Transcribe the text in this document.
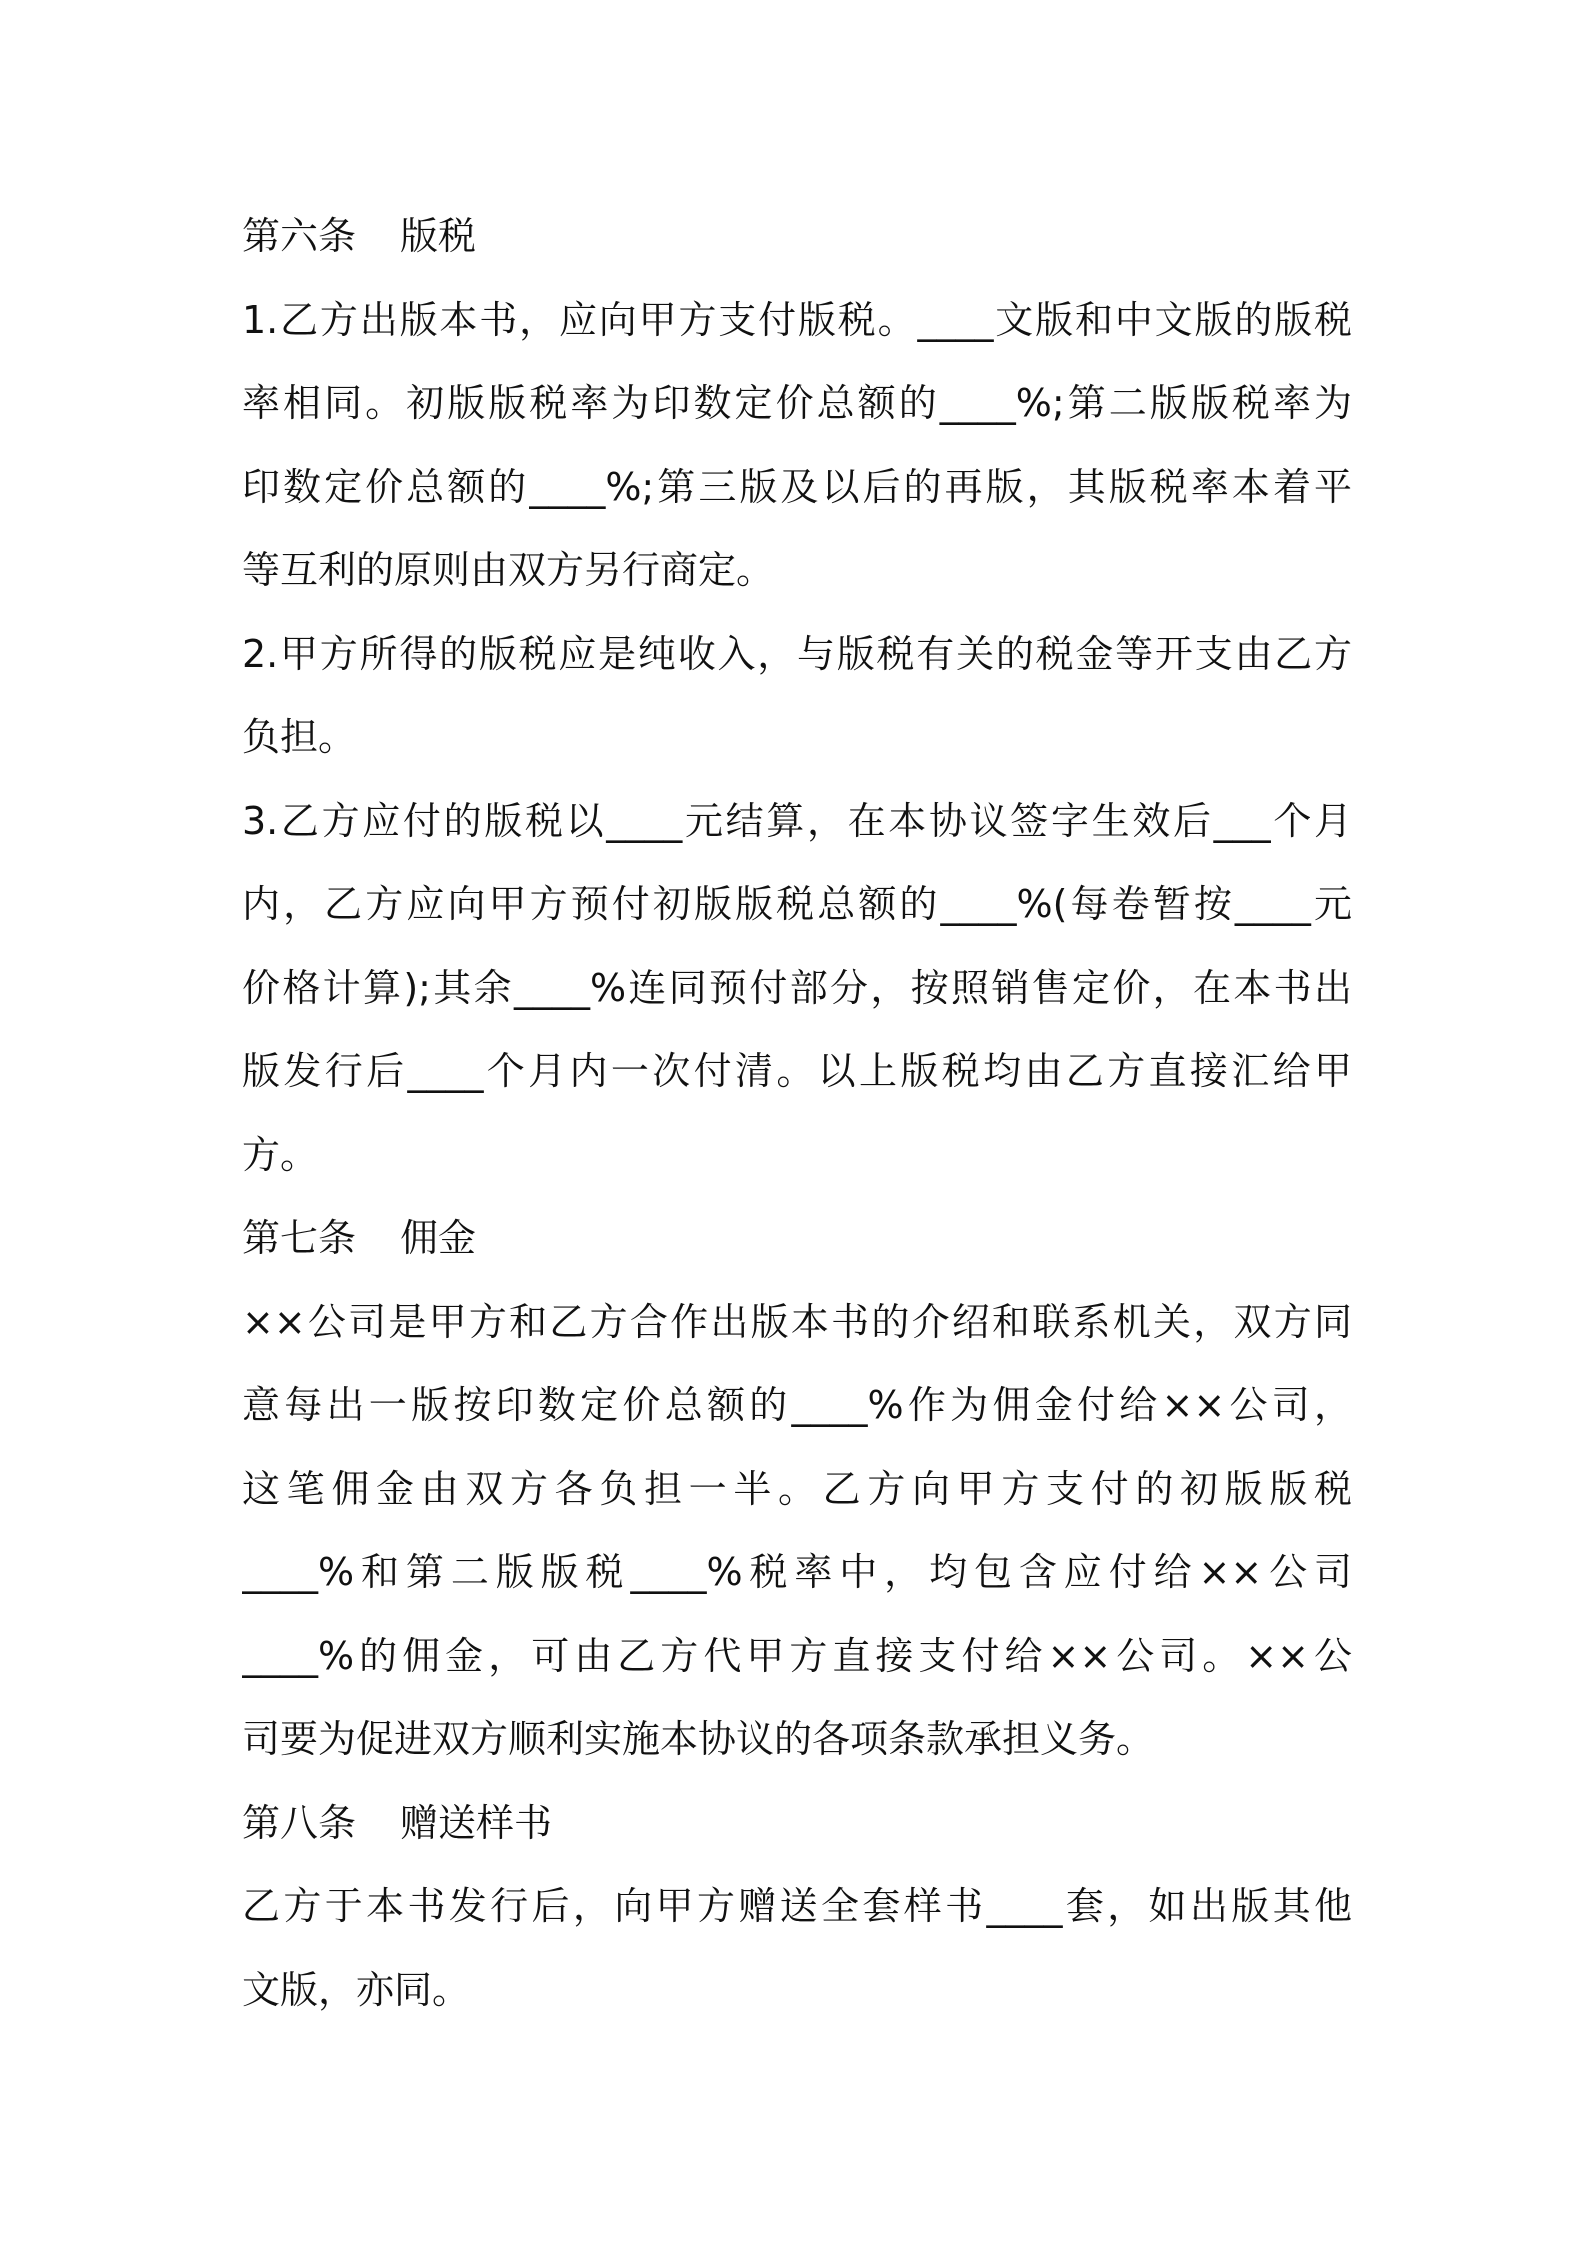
第六条 版税
1.乙方出版本书，应向甲方支付版税。____文版和中文版的版税
率相同。初版版税率为印数定价总额的____%;第二版版税率为
印数定价总额的____%;第三版及以后的再版，其版税率本着平
等互利的原则由双方另行商定。
2.甲方所得的版税应是纯收入，与版税有关的税金等开支由乙方
负担。
3.乙方应付的版税以____元结算，在本协议签字生效后___个月
内，乙方应向甲方预付初版版税总额的____%(每卷暂按____元
价格计算);其余____%连同预付部分，按照销售定价，在本书出
版发行后____个月内一次付清。以上版税均由乙方直接汇给甲
方。
第七条 佣金
××公司是甲方和乙方合作出版本书的介绍和联系机关，双方同
意每出一版按印数定价总额的____%作为佣金付给××公司，
这笔佣金由双方各负担一半。乙方向甲方支付的初版版税
____%和第二版版税____%税率中，均包含应付给××公司
____%的佣金，可由乙方代甲方直接支付给××公司。××公
司要为促进双方顺利实施本协议的各项条款承担义务。
第八条 赠送样书
乙方于本书发行后，向甲方赠送全套样书____套，如出版其他
文版，亦同。
